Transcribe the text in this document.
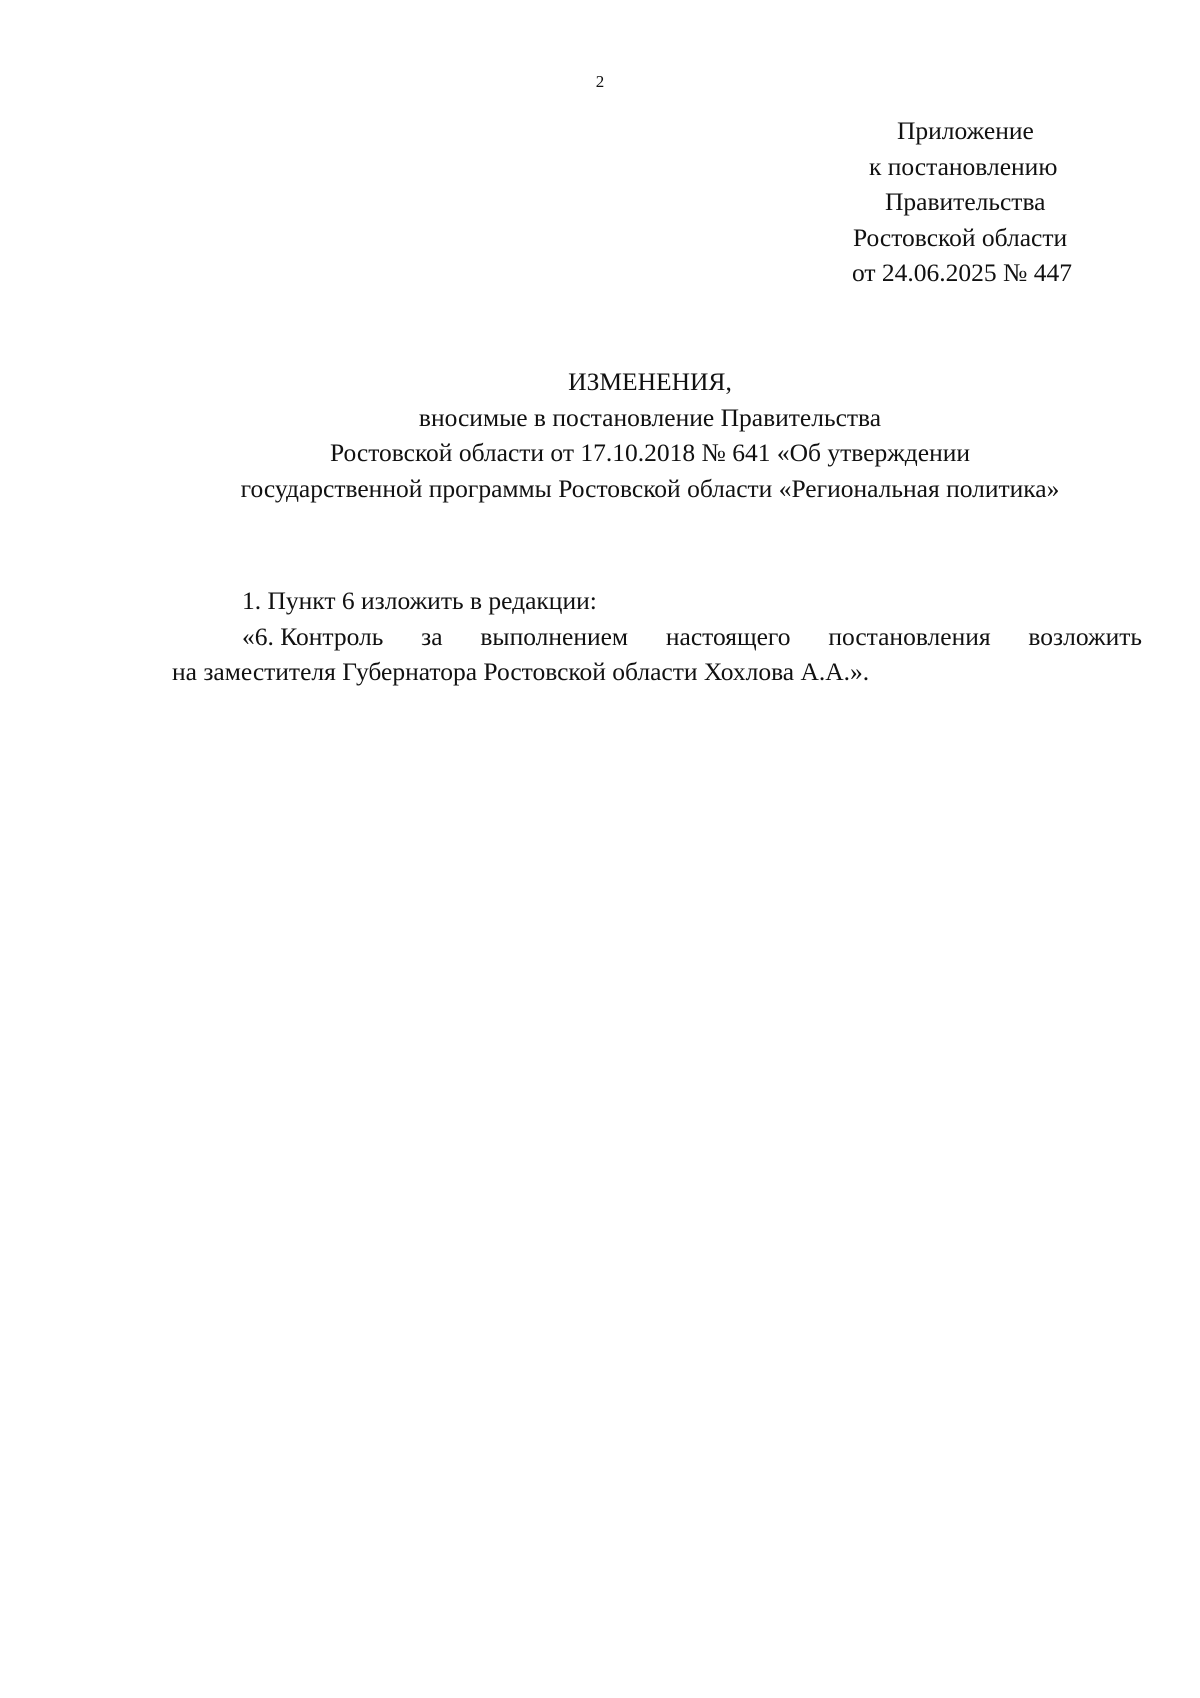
2
Приложение
к постановлению
Правительства
Ростовской области
от 24.06.2025 № 447
ИЗМЕНЕНИЯ,
вносимые в постановление Правительства
Ростовской области от 17.10.2018 № 641 «Об утверждении
государственной программы Ростовской области «Региональная политика»
1. Пункт 6 изложить в редакции:
«6. Контроль за выполнением настоящего постановления возложить
на заместителя Губернатора Ростовской области Хохлова А.А.».
